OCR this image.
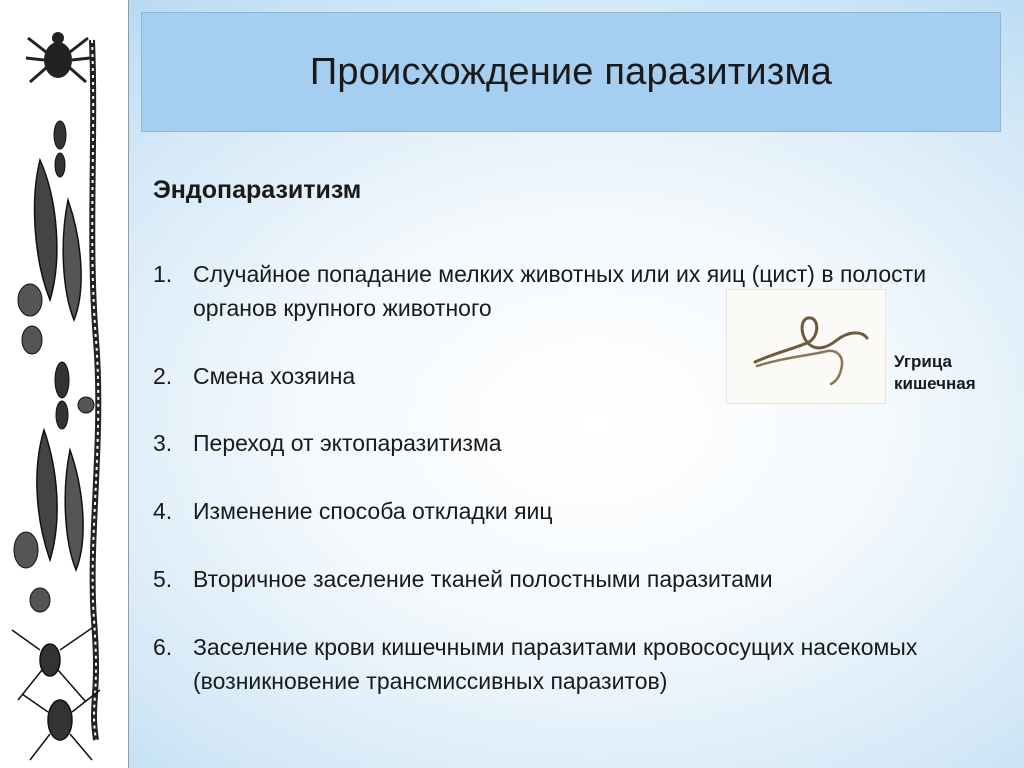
Происхождение паразитизма
Эндопаразитизм
1. Случайное попадание мелких животных или их яиц (цист) в полости органов крупного животного
2. Смена хозяина
3. Переход от эктопаразитизма
4. Изменение способа откладки яиц
5. Вторичное заселение тканей полостными паразитами
6. Заселение крови кишечными паразитами кровососущих насекомых (возникновение трансмиссивных паразитов)

Угрица
кишечная
